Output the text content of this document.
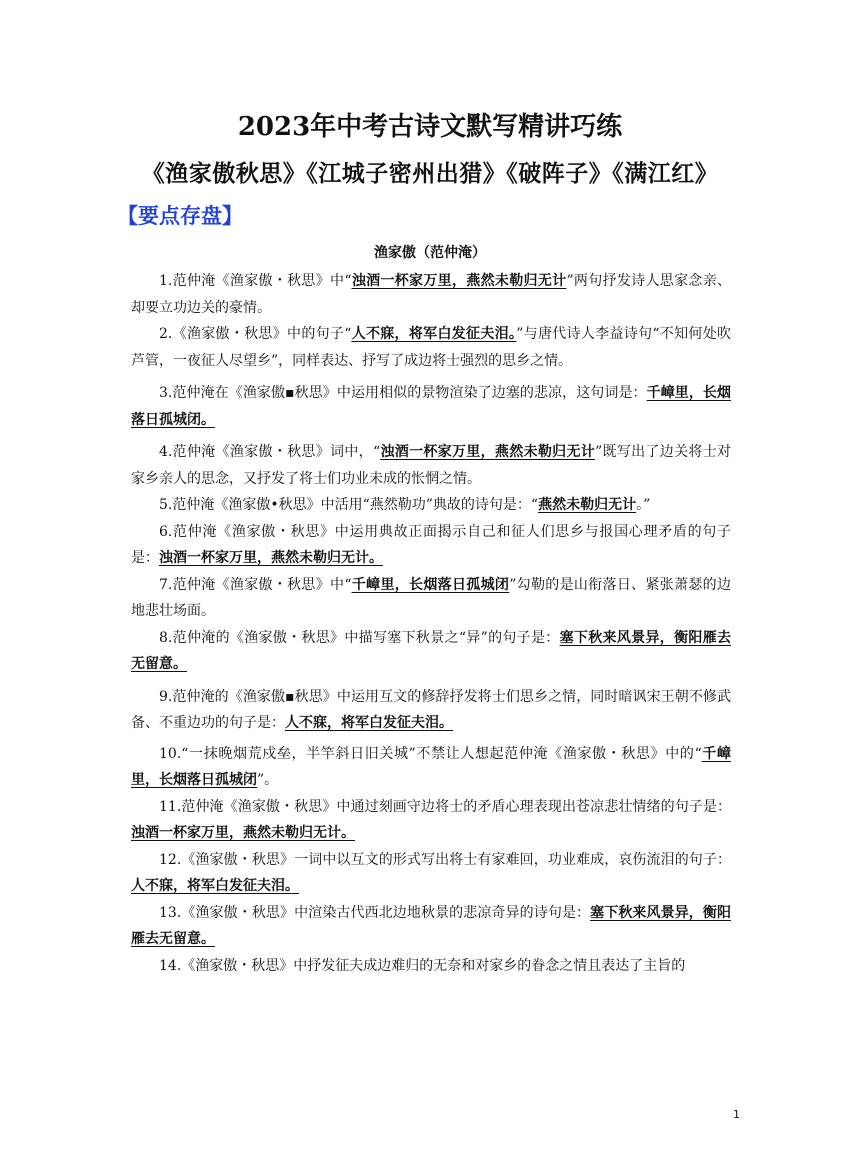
2023年中考古诗文默写精讲巧练
《渔家傲秋思》《江城子密州出猎》《破阵子》《满江红》
【要点存盘】
渔家傲（范仲淹）

1.范仲淹《渔家傲・秋思》中“浊酒一杯家万里，燕然未勒归无计”两句抒发诗人思家念亲、却要立功边关的豪情。

2.《渔家傲・秋思》中的句子“人不寐，将军白发征夫泪。”与唐代诗人李益诗句“不知何处吹芦管，一夜征人尽望乡”，同样表达、抒写了成边将士强烈的思乡之情。

3.范仲淹在《渔家傲▪秋思》中运用相似的景物渲染了边塞的悲凉，这句词是：千嶂里，长烟落日孤城闭。

4.范仲淹《渔家傲・秋思》词中，“浊酒一杯家万里，燕然未勒归无计”既写出了边关将士对家乡亲人的思念，又抒发了将士们功业未成的怅惘之情。

5.范仲淹《渔家傲•秋思》中活用“燕然勒功”典故的诗句是：“燕然未勒归无计。”

6.范仲淹《渔家傲・秋思》中运用典故正面揭示自己和征人们思乡与报国心理矛盾的句子是：浊酒一杯家万里，燕然未勒归无计。

7.范仲淹《渔家傲・秋思》中“千嶂里，长烟落日孤城闭”勾勒的是山衔落日、紧张萧瑟的边地悲壮场面。

8.范仲淹的《渔家傲・秋思》中描写塞下秋景之“异”的句子是：塞下秋来风景异，衡阳雁去无留意。

9.范仲淹的《渔家傲▪秋思》中运用互文的修辞抒发将士们思乡之情，同时暗讽宋王朝不修武备、不重边功的句子是：人不寐，将军白发征夫泪。

10.“一抹晚烟荒戍垒，半竿斜日旧关城”不禁让人想起范仲淹《渔家傲・秋思》中的“千嶂里，长烟落日孤城闭”。

11.范仲淹《渔家傲・秋思》中通过刻画守边将士的矛盾心理表现出苍凉悲壮情绪的句子是：浊酒一杯家万里，燕然未勒归无计。

12.《渔家傲・秋思》一词中以互文的形式写出将士有家难回，功业难成，哀伤流泪的句子：人不寐，将军白发征夫泪。

13.《渔家傲・秋思》中渲染古代西北边地秋景的悲凉奇异的诗句是：塞下秋来风景异，衡阳雁去无留意。

14.《渔家傲・秋思》中抒发征夫成边难归的无奈和对家乡的眷念之情且表达了主旨的

1
